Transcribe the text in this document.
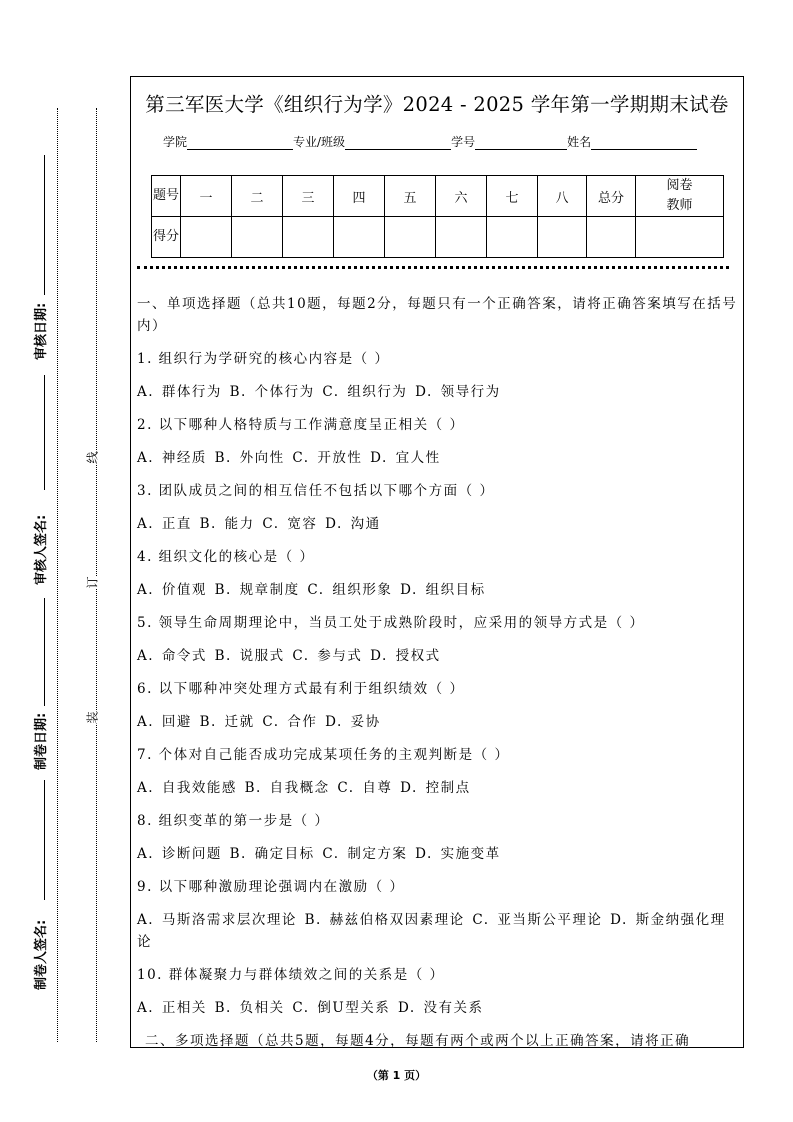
审核日期:
审核人签名:
制卷日期:
制卷人签名:
线
订
装
第三军医大学《组织行为学》2024 - 2025 学年第一学期期末试卷
学院	专业/班级	学号	姓名
题号	一	二	三	四	五	六	七	八	总分	阅卷教师
得分										

一、单项选择题（总共10题，每题2分，每题只有一个正确答案，请将正确答案填写在括号内）

1. 组织行为学研究的核心内容是（ ）

A. 群体行为 B. 个体行为 C. 组织行为 D. 领导行为

2. 以下哪种人格特质与工作满意度呈正相关（ ）

A. 神经质 B. 外向性 C. 开放性 D. 宜人性

3. 团队成员之间的相互信任不包括以下哪个方面（ ）

A. 正直 B. 能力 C. 宽容 D. 沟通

4. 组织文化的核心是（ ）

A. 价值观 B. 规章制度 C. 组织形象 D. 组织目标

5. 领导生命周期理论中，当员工处于成熟阶段时，应采用的领导方式是（ ）

A. 命令式 B. 说服式 C. 参与式 D. 授权式

6. 以下哪种冲突处理方式最有利于组织绩效（ ）

A. 回避 B. 迁就 C. 合作 D. 妥协

7. 个体对自己能否成功完成某项任务的主观判断是（ ）

A. 自我效能感 B. 自我概念 C. 自尊 D. 控制点

8. 组织变革的第一步是（ ）

A. 诊断问题 B. 确定目标 C. 制定方案 D. 实施变革

9. 以下哪种激励理论强调内在激励（ ）

A. 马斯洛需求层次理论 B. 赫兹伯格双因素理论 C. 亚当斯公平理论 D. 斯金纳强化理论

10. 群体凝聚力与群体绩效之间的关系是（ ）

A. 正相关 B. 负相关 C. 倒U型关系 D. 没有关系

二、多项选择题（总共5题，每题4分，每题有两个或两个以上正确答案，请将正确

（第 1 页）
